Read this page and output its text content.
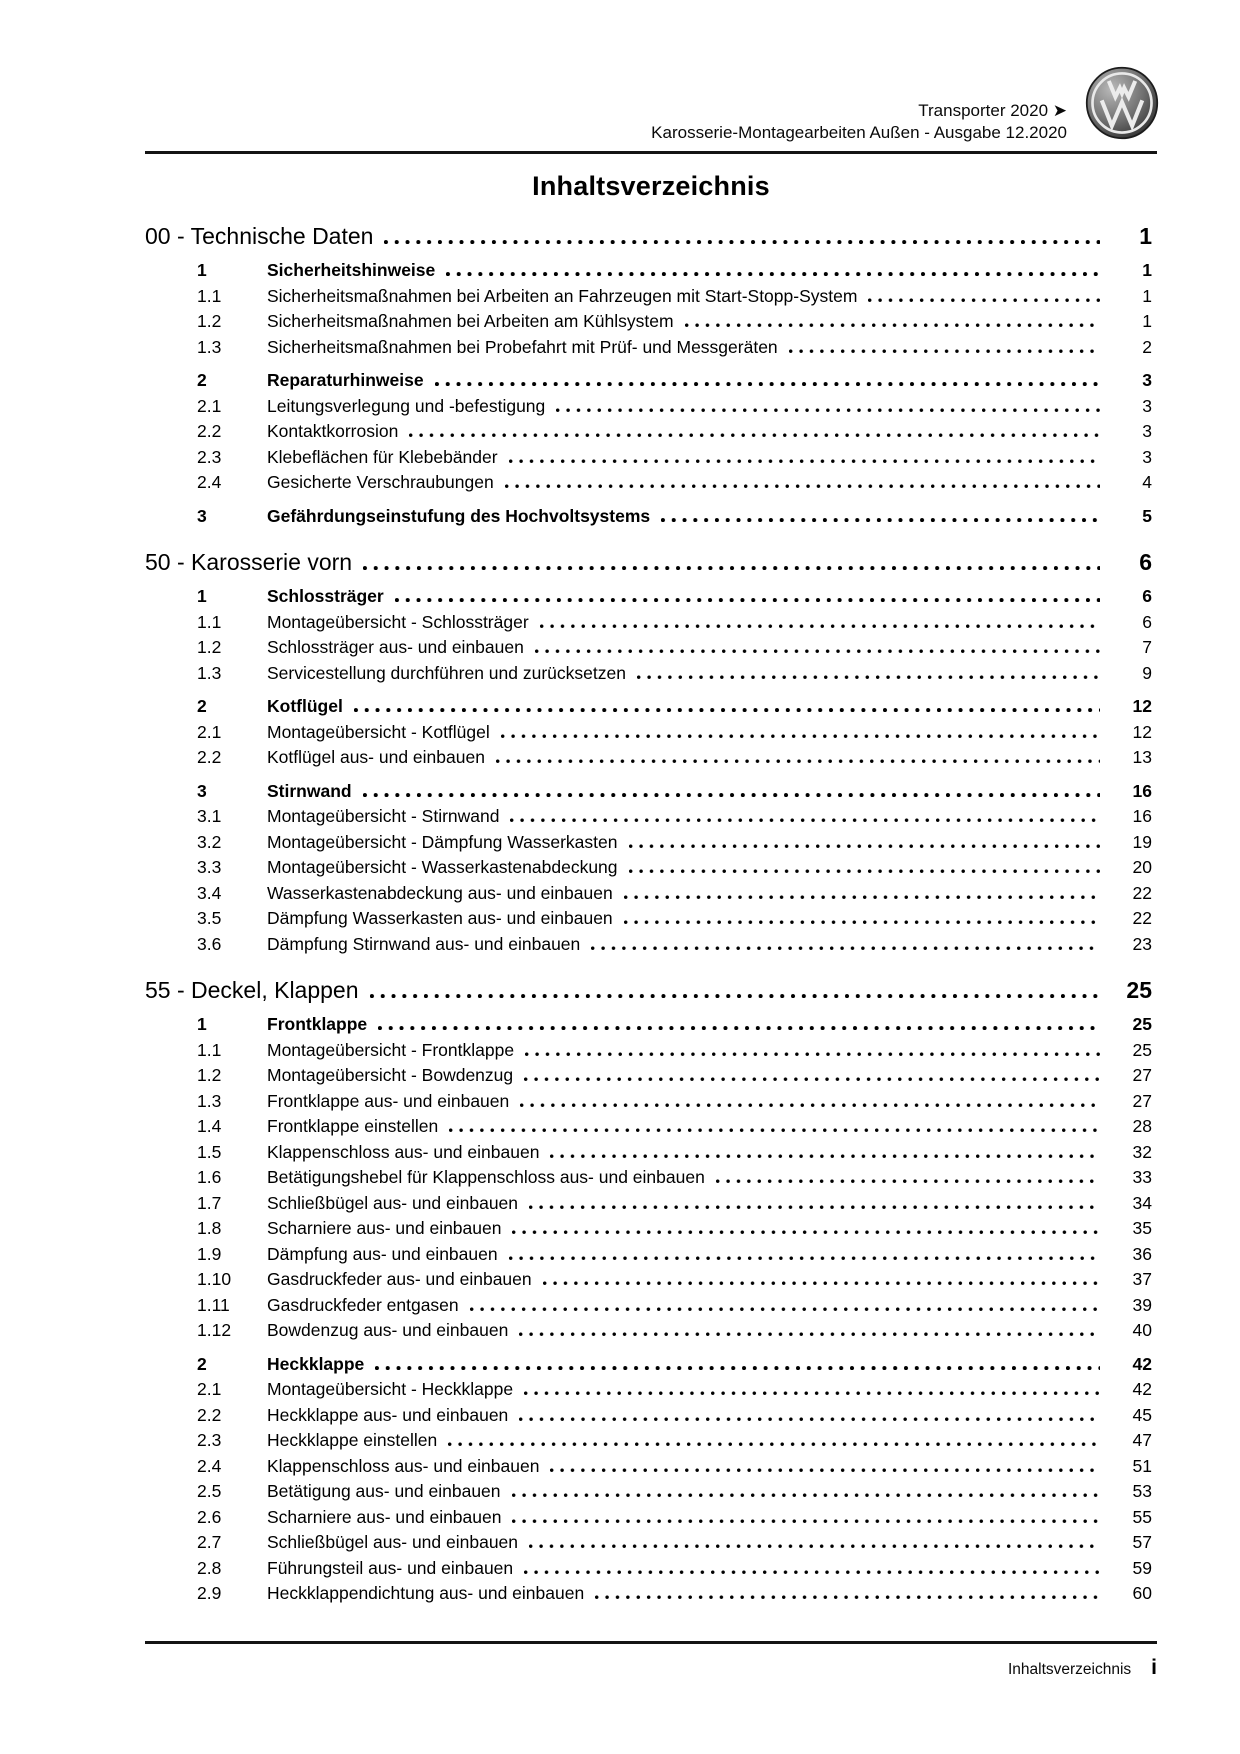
Transporter 2020 ➤
Karosserie-Montagearbeiten Außen - Ausgabe 12.2020
Inhaltsverzeichnis
00 - Technische Daten	1
1	Sicherheitshinweise	1
1.1	Sicherheitsmaßnahmen bei Arbeiten an Fahrzeugen mit Start-Stopp-System	1
1.2	Sicherheitsmaßnahmen bei Arbeiten am Kühlsystem	1
1.3	Sicherheitsmaßnahmen bei Probefahrt mit Prüf- und Messgeräten	2
2	Reparaturhinweise	3
2.1	Leitungsverlegung und -befestigung	3
2.2	Kontaktkorrosion	3
2.3	Klebeflächen für Klebebänder	3
2.4	Gesicherte Verschraubungen	4
3	Gefährdungseinstufung des Hochvoltsystems	5
50 - Karosserie vorn	6
1	Schlossträger	6
1.1	Montageübersicht - Schlossträger	6
1.2	Schlossträger aus- und einbauen	7
1.3	Servicestellung durchführen und zurücksetzen	9
2	Kotflügel	12
2.1	Montageübersicht - Kotflügel	12
2.2	Kotflügel aus- und einbauen	13
3	Stirnwand	16
3.1	Montageübersicht - Stirnwand	16
3.2	Montageübersicht - Dämpfung Wasserkasten	19
3.3	Montageübersicht - Wasserkastenabdeckung	20
3.4	Wasserkastenabdeckung aus- und einbauen	22
3.5	Dämpfung Wasserkasten aus- und einbauen	22
3.6	Dämpfung Stirnwand aus- und einbauen	23
55 - Deckel, Klappen	25
1	Frontklappe	25
1.1	Montageübersicht - Frontklappe	25
1.2	Montageübersicht - Bowdenzug	27
1.3	Frontklappe aus- und einbauen	27
1.4	Frontklappe einstellen	28
1.5	Klappenschloss aus- und einbauen	32
1.6	Betätigungshebel für Klappenschloss aus- und einbauen	33
1.7	Schließbügel aus- und einbauen	34
1.8	Scharniere aus- und einbauen	35
1.9	Dämpfung aus- und einbauen	36
1.10	Gasdruckfeder aus- und einbauen	37
1.11	Gasdruckfeder entgasen	39
1.12	Bowdenzug aus- und einbauen	40
2	Heckklappe	42
2.1	Montageübersicht - Heckklappe	42
2.2	Heckklappe aus- und einbauen	45
2.3	Heckklappe einstellen	47
2.4	Klappenschloss aus- und einbauen	51
2.5	Betätigung aus- und einbauen	53
2.6	Scharniere aus- und einbauen	55
2.7	Schließbügel aus- und einbauen	57
2.8	Führungsteil aus- und einbauen	59
2.9	Heckklappendichtung aus- und einbauen	60
Inhaltsverzeichnis i
